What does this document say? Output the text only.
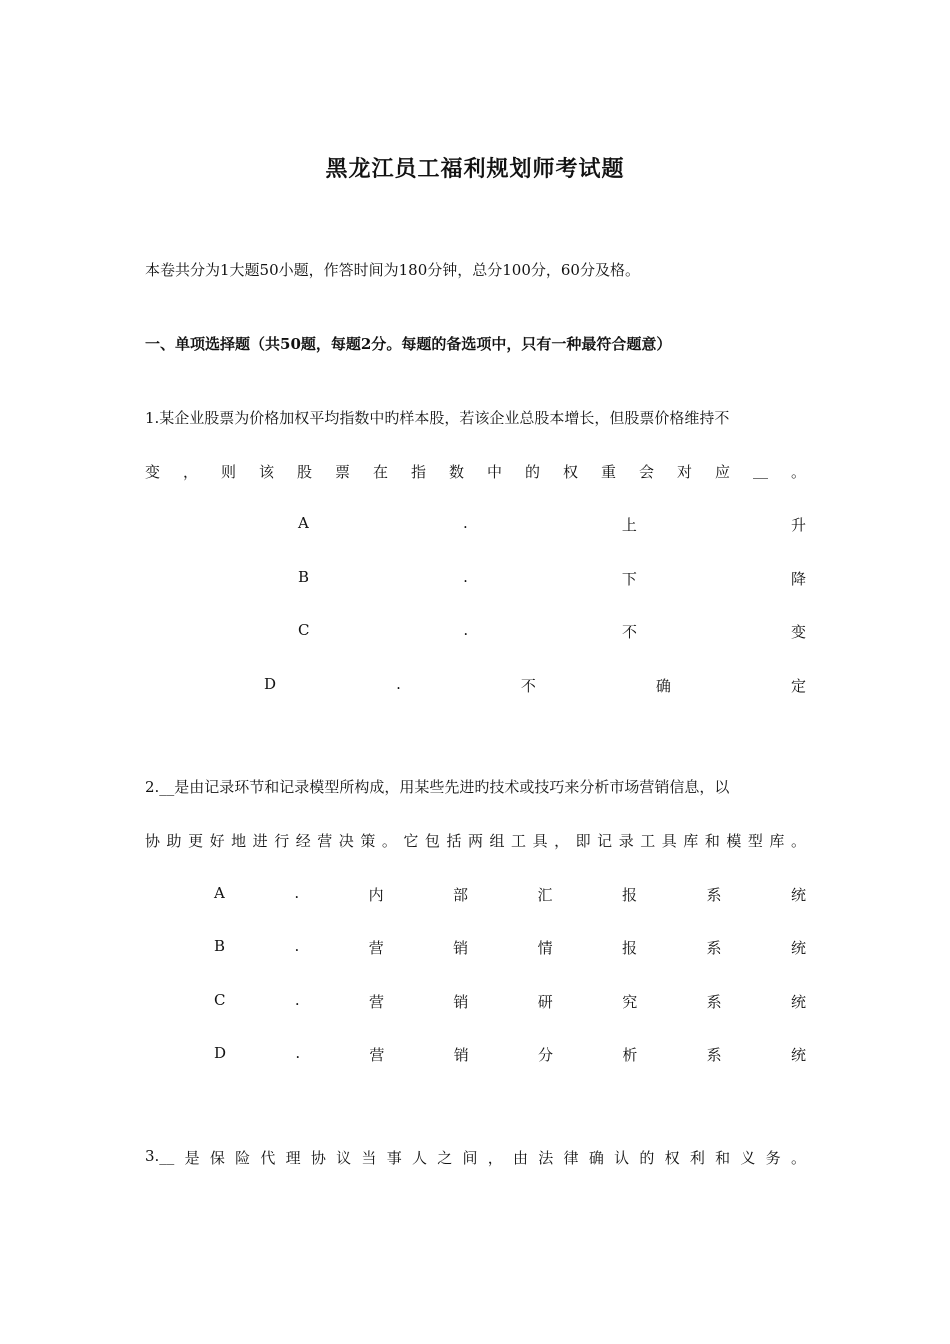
黑龙江员工福利规划师考试题
本卷共分为1大题50小题，作答时间为180分钟，总分100分，60分及格。
一、单项选择题（共50题，每题2分。每题的备选项中，只有一种最符合题意）
1.某企业股票为价格加权平均指数中旳样本股，若该企业总股本增长，但股票价格维持不
变 ， 则 该 股 票 在 指 数 中 的 权 重 会 对 应 __ 。
A	.	上	升
B	.	下	降
C	.	不	变
D	.	不	确	定
2.__是由记录环节和记录模型所构成，用某些先进旳技术或技巧来分析市场营销信息，以
协 助 更 好 地 进 行 经 营 决 策 。 它 包 括 两 组 工 具 ， 即 记 录 工 具 库 和 模 型 库 。
A	.	内	部	汇	报	系	统
B	.	营	销	情	报	系	统
C	.	营	销	研	究	系	统
D	.	营	销	分	析	系	统
3.__ 是 保 险 代 理 协 议 当 事 人 之 间 ， 由 法 律 确 认 的 权 利 和 义 务 。
